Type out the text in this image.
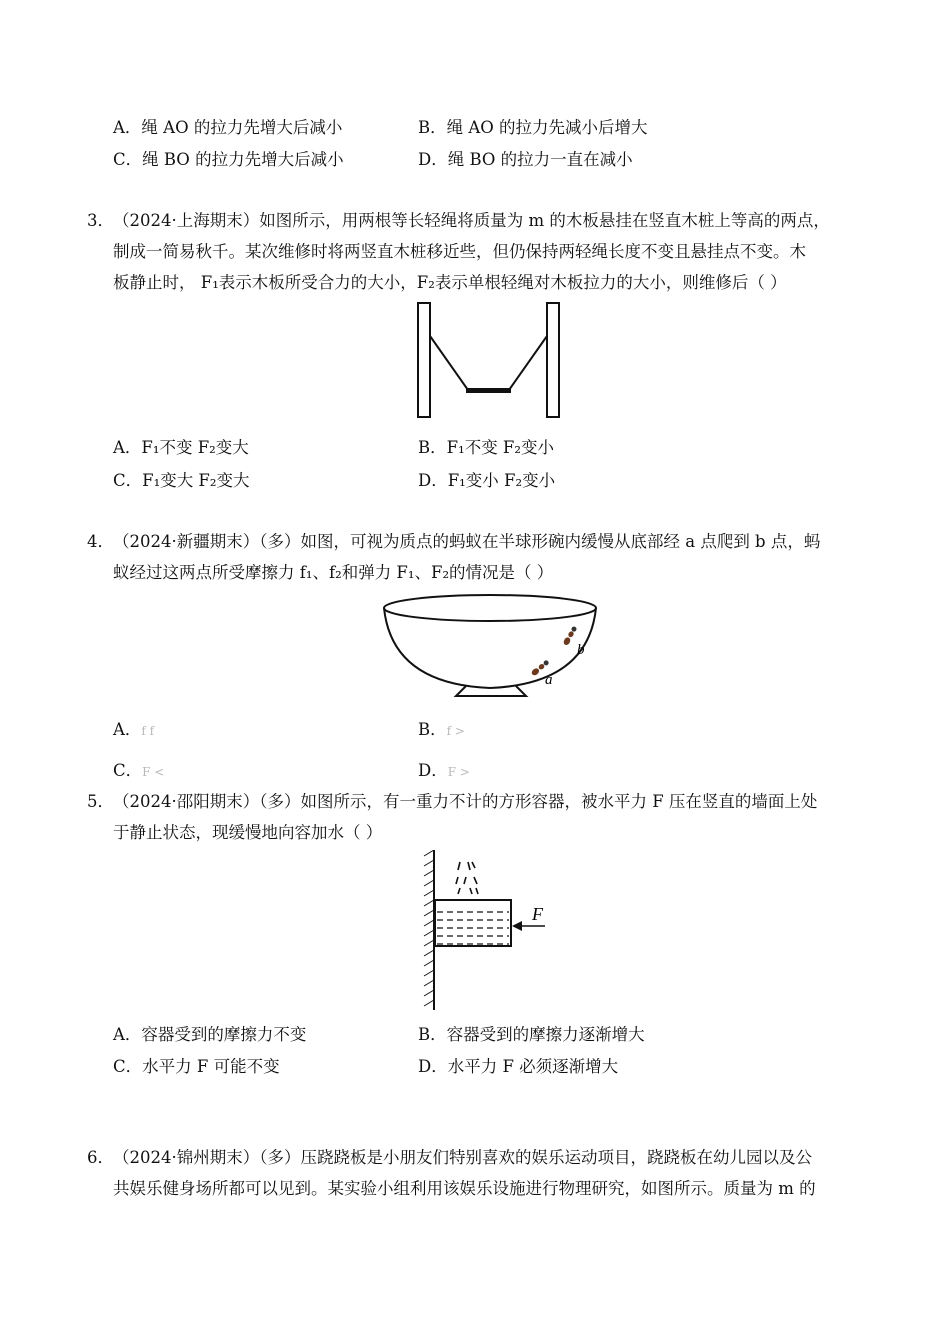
A．绳 AO 的拉力先增大后减小	B．绳 AO 的拉力先减小后增大
C．绳 BO 的拉力先增大后减小	D．绳 BO 的拉力一直在减小
3．（2024·上海期末）如图所示，用两根等长轻绳将质量为 m 的木板悬挂在竖直木桩上等高的两点，
制成一简易秋千。某次维修时将两竖直木桩移近些，但仍保持两轻绳长度不变且悬挂点不变。木
板静止时， F₁表示木板所受合力的大小，F₂表示单根轻绳对木板拉力的大小，则维修后（ ）
A．F₁不变 F₂变大	B．F₁不变 F₂变小
C．F₁变大 F₂变大	D．F₁变小 F₂变小
4．（2024·新疆期末）（多）如图，可视为质点的蚂蚁在半球形碗内缓慢从底部经 a 点爬到 b 点，蚂
蚁经过这两点所受摩擦力 f₁、f₂和弹力 F₁、F₂的情况是（ ）
a
b
A．f f	B．f >
C．F <	D．F >
5．（2024·邵阳期末）（多）如图所示，有一重力不计的方形容器，被水平力 F 压在竖直的墙面上处
于静止状态，现缓慢地向容加水（ ）
F
A．容器受到的摩擦力不变	B．容器受到的摩擦力逐渐增大
C．水平力 F 可能不变	D．水平力 F 必须逐渐增大
6．（2024·锦州期末）（多）压跷跷板是小朋友们特别喜欢的娱乐运动项目，跷跷板在幼儿园以及公
共娱乐健身场所都可以见到。某实验小组利用该娱乐设施进行物理研究，如图所示。质量为 m 的
